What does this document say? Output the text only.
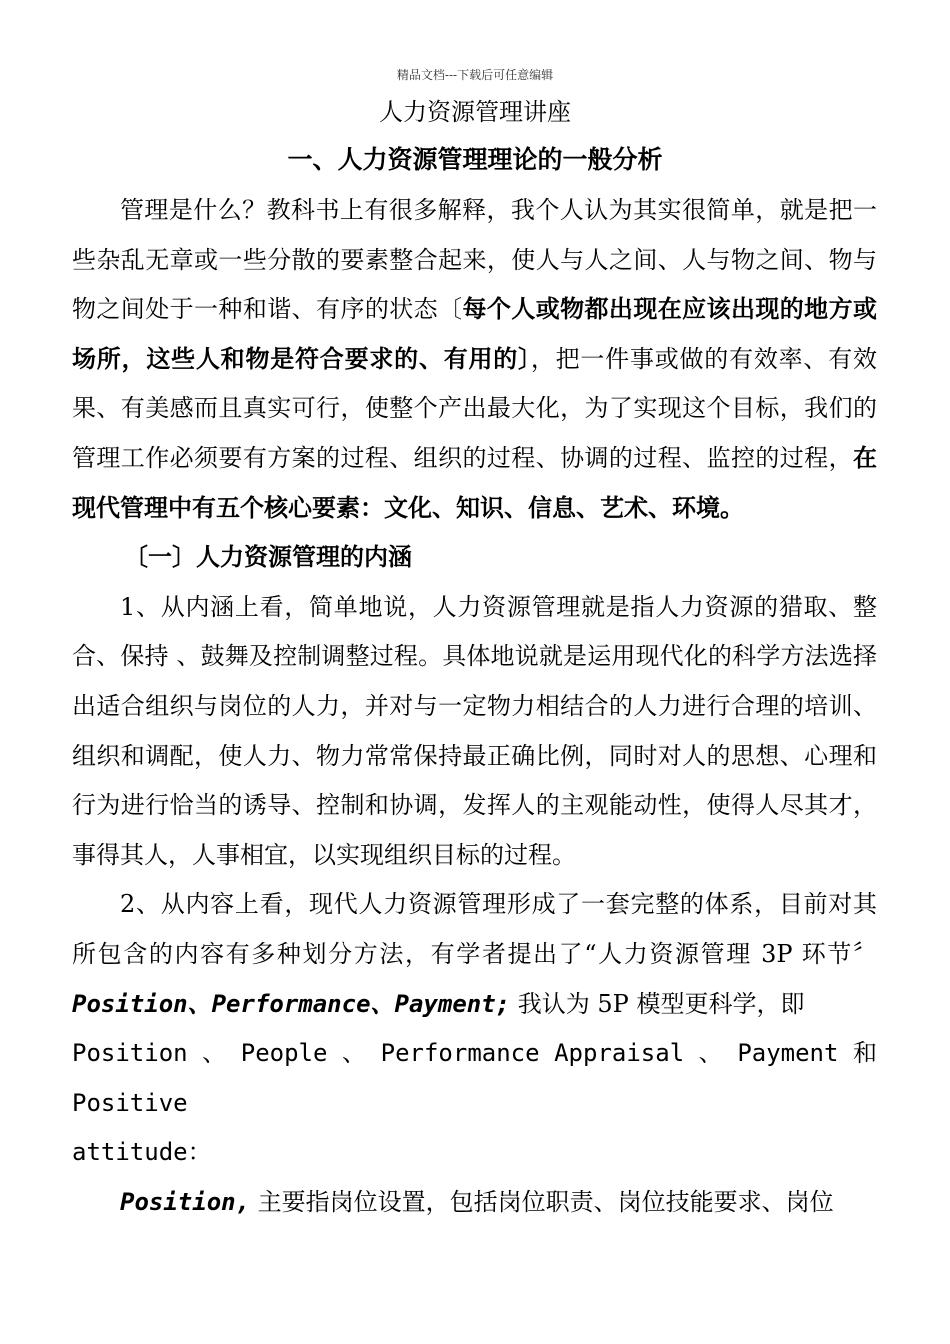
精品文档---下载后可任意编辑
人力资源管理讲座
一、人力资源管理理论的一般分析

管理是什么？教科书上有很多解释，我个人认为其实很简单，就是把一些杂乱无章或一些分散的要素整合起来，使人与人之间、人与物之间、物与物之间处于一种和谐、有序的状态〔每个人或物都出现在应该出现的地方或场所，这些人和物是符合要求的、有用的〕，把一件事或做的有效率、有效果、有美感而且真实可行，使整个产出最大化，为了实现这个目标，我们的管理工作必须要有方案的过程、组织的过程、协调的过程、监控的过程，在现代管理中有五个核心要素：文化、知识、信息、艺术、环境。

〔一〕人力资源管理的内涵

1、从内涵上看，简单地说，人力资源管理就是指人力资源的猎取、整合、保持 、鼓舞及控制调整过程。具体地说就是运用现代化的科学方法选择出适合组织与岗位的人力，并对与一定物力相结合的人力进行合理的培训、组织和调配，使人力、物力常常保持最正确比例，同时对人的思想、心理和行为进行恰当的诱导、控制和协调，发挥人的主观能动性，使得人尽其才，事得其人，人事相宜，以实现组织目标的过程。

2、从内容上看，现代人力资源管理形成了一套完整的体系，目前对其所包含的内容有多种划分方法，有学者提出了“人力资源管理 3P 环节〞 Position、Performance、Payment; 我认为 5P 模型更科学，即

Position 、 People 、 Performance Appraisal 、 Payment 和 Positive

attitude：

Position, 主要指岗位设置，包括岗位职责、岗位技能要求、岗位
